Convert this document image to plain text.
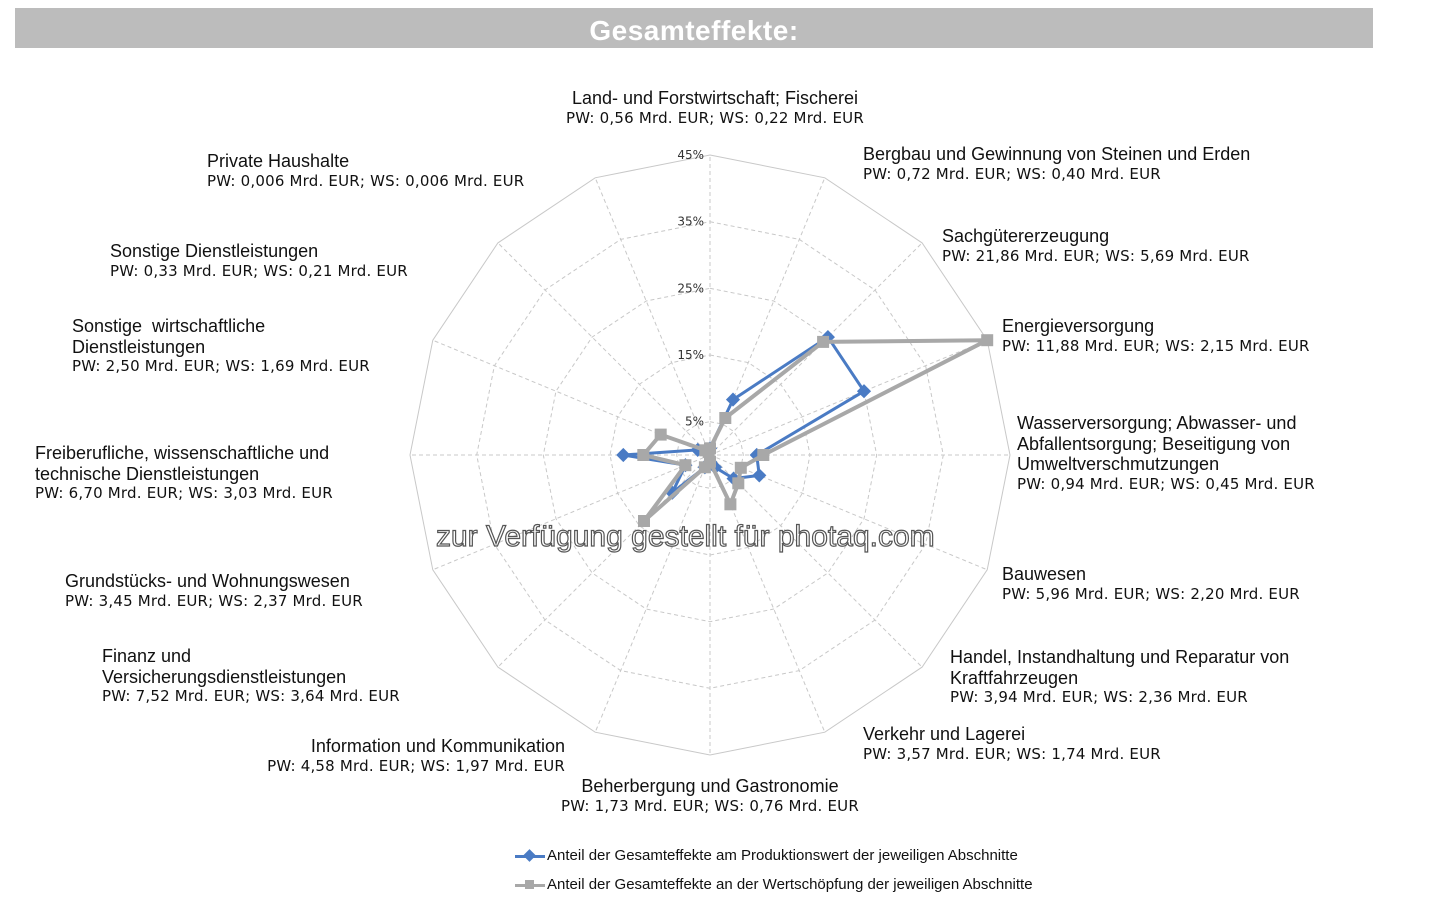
Gesamteffekte:
5%
15%
25%
35%
45%
Land- und Forstwirtschaft; Fischerei
PW: 0,56 Mrd. EUR; WS: 0,22 Mrd. EUR
Bergbau und Gewinnung von Steinen und Erden
PW: 0,72 Mrd. EUR; WS: 0,40 Mrd. EUR
Sachgütererzeugung
PW: 21,86 Mrd. EUR; WS: 5,69 Mrd. EUR
Energieversorgung
PW: 11,88 Mrd. EUR; WS: 2,15 Mrd. EUR
Wasserversorgung; Abwasser- und Abfallentsorgung; Beseitigung von Umweltverschmutzungen
PW: 0,94 Mrd. EUR; WS: 0,45 Mrd. EUR
Bauwesen
PW: 5,96 Mrd. EUR; WS: 2,20 Mrd. EUR
Handel, Instandhaltung und Reparatur von Kraftfahrzeugen
PW: 3,94 Mrd. EUR; WS: 2,36 Mrd. EUR
Verkehr und Lagerei
PW: 3,57 Mrd. EUR; WS: 1,74 Mrd. EUR
Beherbergung und Gastronomie
PW: 1,73 Mrd. EUR; WS: 0,76 Mrd. EUR
Information und Kommunikation
PW: 4,58 Mrd. EUR; WS: 1,97 Mrd. EUR
Finanz und Versicherungsdienstleistungen
PW: 7,52 Mrd. EUR; WS: 3,64 Mrd. EUR
Grundstücks- und Wohnungswesen
PW: 3,45 Mrd. EUR; WS: 2,37 Mrd. EUR
Freiberufliche, wissenschaftliche und technische Dienstleistungen
PW: 6,70 Mrd. EUR; WS: 3,03 Mrd. EUR
Sonstige  wirtschaftliche Dienstleistungen
PW: 2,50 Mrd. EUR; WS: 1,69 Mrd. EUR
Sonstige Dienstleistungen
PW: 0,33 Mrd. EUR; WS: 0,21 Mrd. EUR
Private Haushalte
PW: 0,006 Mrd. EUR; WS: 0,006 Mrd. EUR
zur Verfügung gestellt für photaq.com
Anteil der Gesamteffekte am Produktionswert der jeweiligen Abschnitte
Anteil der Gesamteffekte an der Wertschöpfung der jeweiligen Abschnitte
